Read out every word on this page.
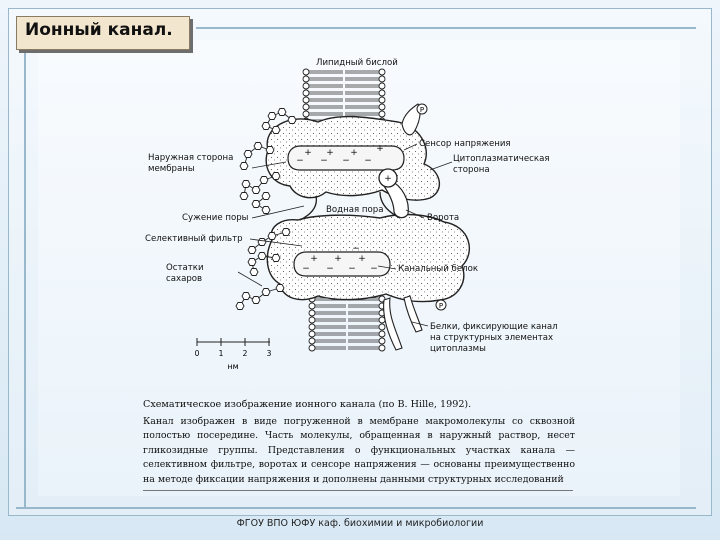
Ионный канал.
P
P
+ + + +
− − − −
+ + +
−
− − − −
+
0	1	2	3
нм
Липидный бислой
Сенсор напряжения
Наружная сторона
мембраны
Цитоплазматическая
сторона
Сужение поры
Водная пора
Ворота
Селективный фильтр
Остатки
сахаров
Канальный белок
Белки, фиксирующие канал
на структурных элементах
цитоплазмы

Схематическое изображение ионного канала (по B. Hille, 1992).

Канал изображен в виде погруженной в мембране макромолекулы со сквозной полостью посередине. Часть молекулы, обращенная в наружный раствор, несет гликозидные группы. Представления о функциональных участках канала — селективном фильтре, воротах и сенсоре напряжения — основаны преимущественно на методе фиксации напряжения и дополнены данными структурных исследований

ФГОУ ВПО ЮФУ каф. биохимии и микробиологии
